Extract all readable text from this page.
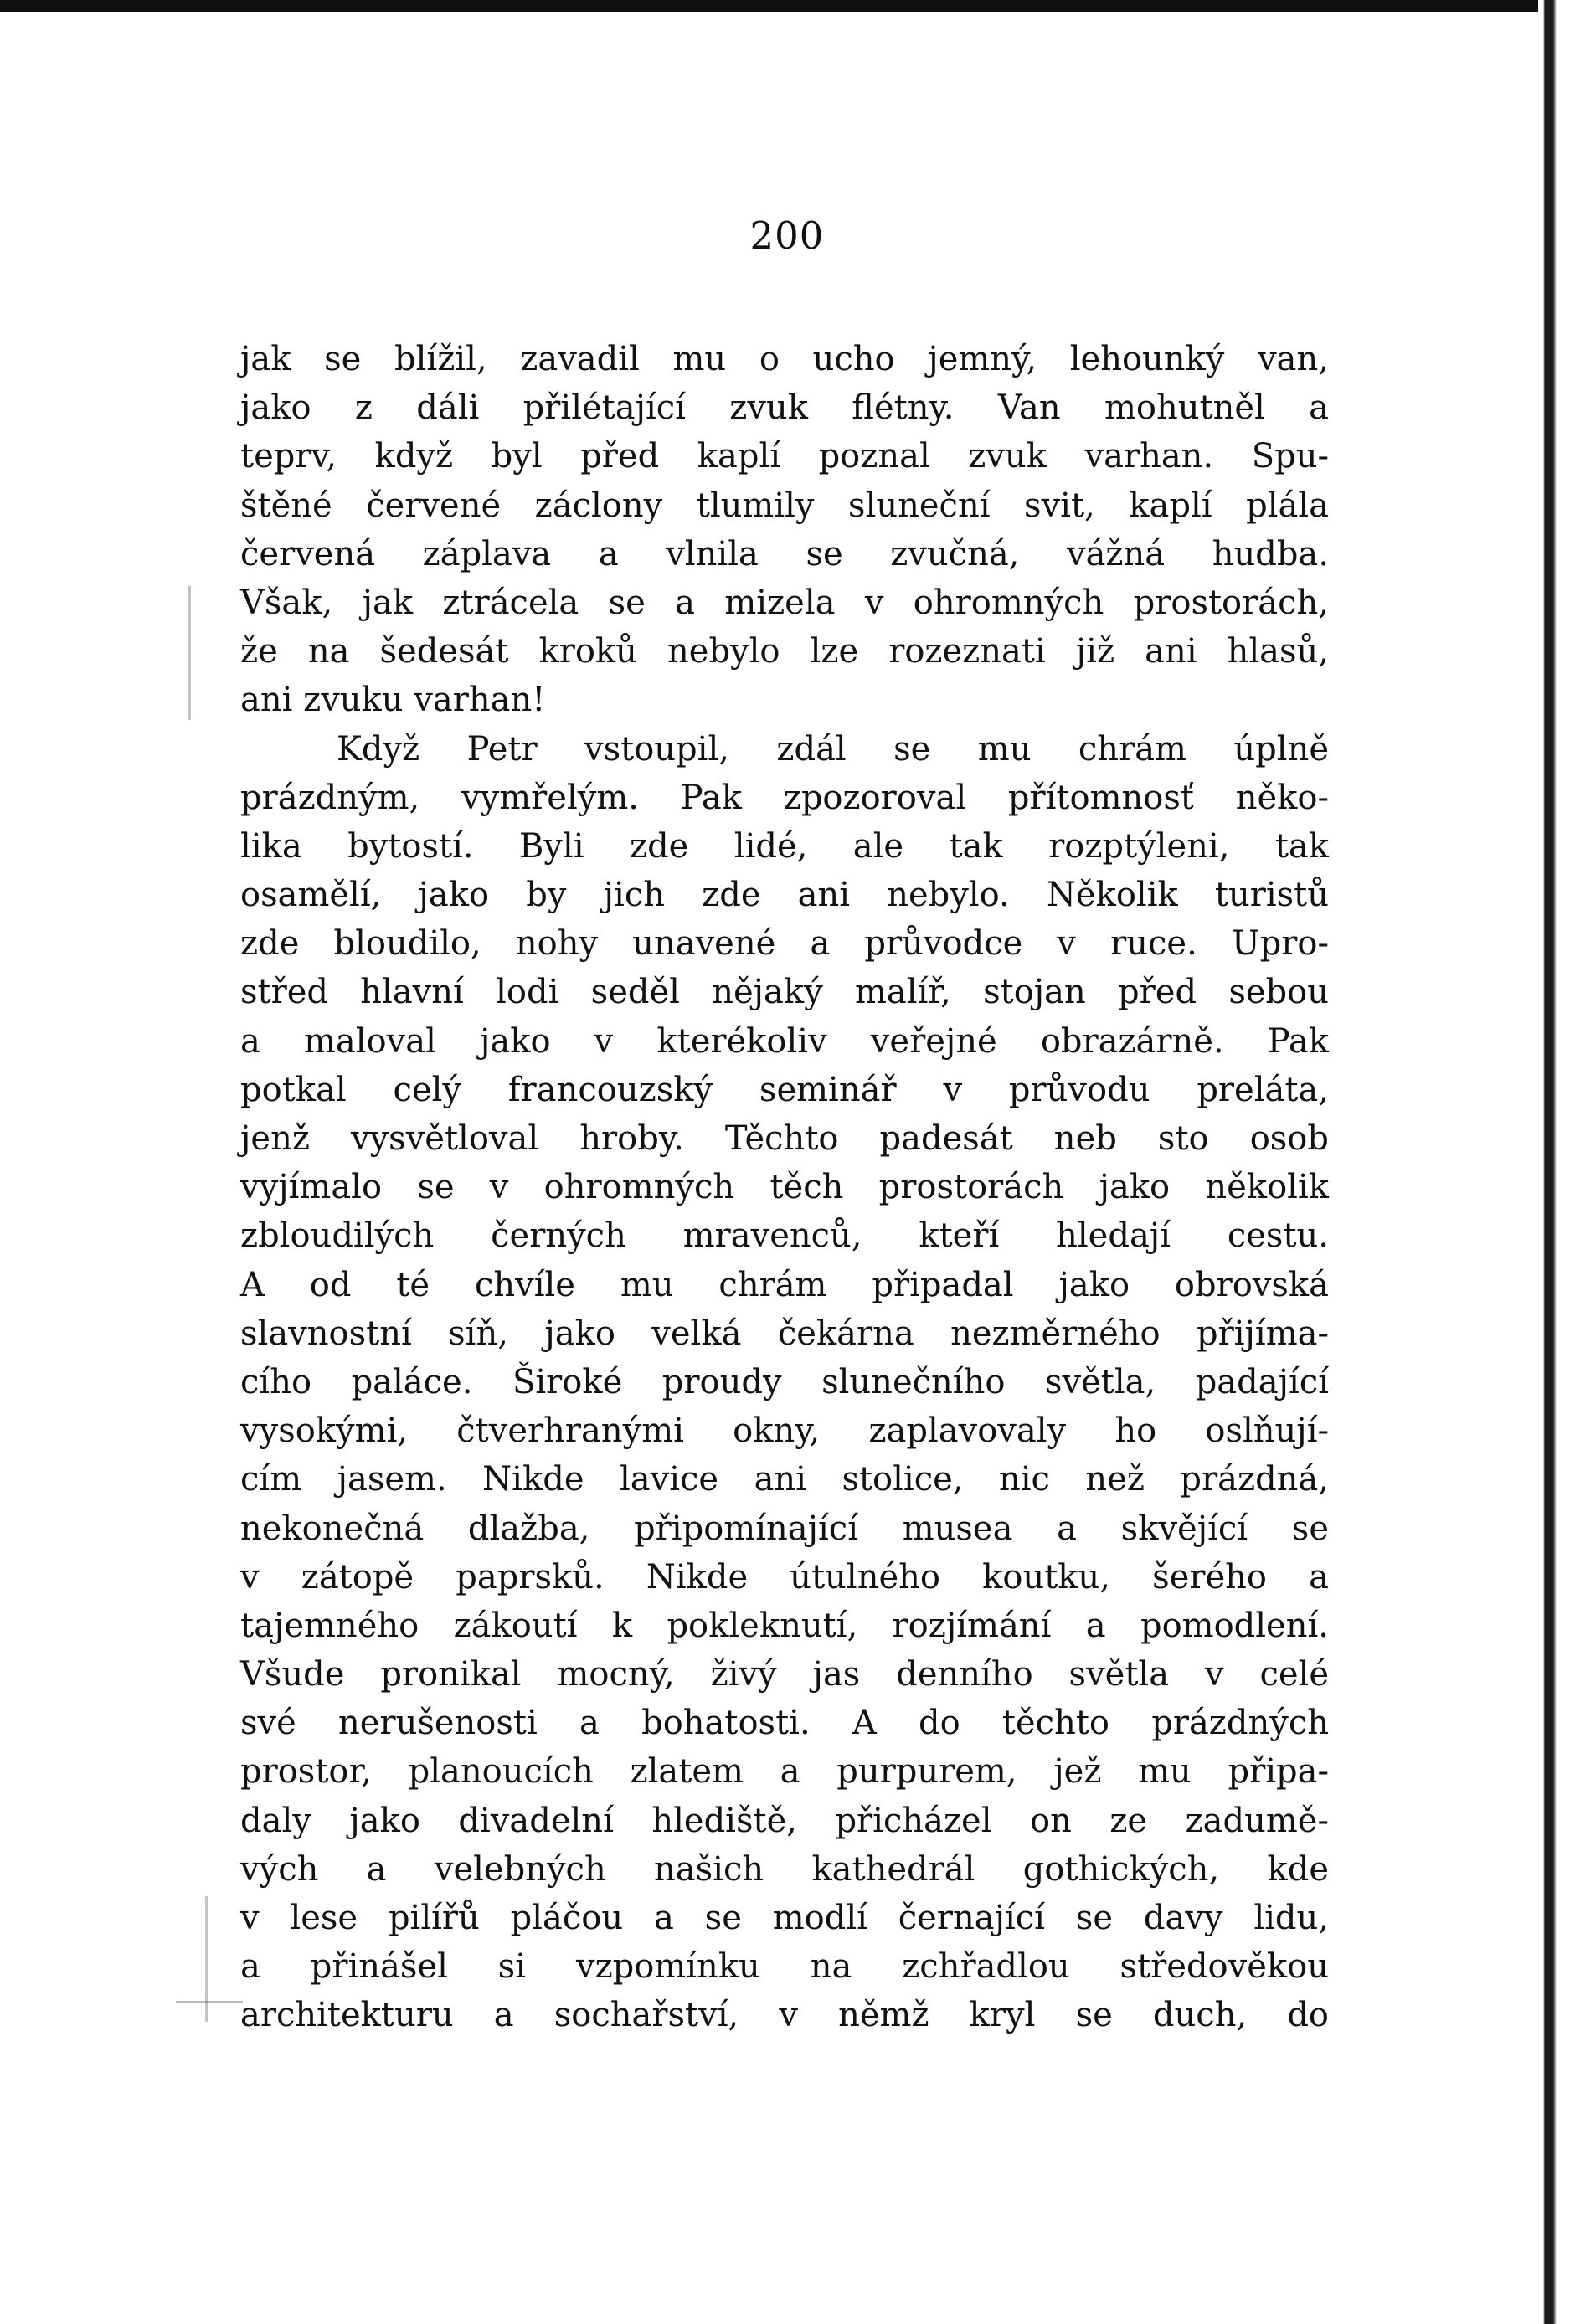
200
jak se blížil, zavadil mu o ucho jemný, lehounký van,
jako z dáli přilétající zvuk flétny. Van mohutněl a
teprv, když byl před kaplí poznal zvuk varhan. Spu-
štěné červené záclony tlumily sluneční svit, kaplí plála
červená záplava a vlnila se zvučná, vážná hudba.
Však, jak ztrácela se a mizela v ohromných prostorách,
že na šedesát kroků nebylo lze rozeznati již ani hlasů,
ani zvuku varhan!
Když Petr vstoupil, zdál se mu chrám úplně
prázdným, vymřelým. Pak zpozoroval přítomnosť něko-
lika bytostí. Byli zde lidé, ale tak rozptýleni, tak
osamělí, jako by jich zde ani nebylo. Několik turistů
zde bloudilo, nohy unavené a průvodce v ruce. Upro-
střed hlavní lodi seděl nějaký malíř, stojan před sebou
a maloval jako v kterékoliv veřejné obrazárně. Pak
potkal celý francouzský seminář v průvodu preláta,
jenž vysvětloval hroby. Těchto padesát neb sto osob
vyjímalo se v ohromných těch prostorách jako několik
zbloudilých černých mravenců, kteří hledají cestu.
A od té chvíle mu chrám připadal jako obrovská
slavnostní síň, jako velká čekárna nezměrného přijíma-
cího paláce. Široké proudy slunečního světla, padající
vysokými, čtverhranými okny, zaplavovaly ho oslňují-
cím jasem. Nikde lavice ani stolice, nic než prázdná,
nekonečná dlažba, připomínající musea a skvějící se
v zátopě paprsků. Nikde útulného koutku, šerého a
tajemného zákoutí k pokleknutí, rozjímání a pomodlení.
Všude pronikal mocný, živý jas denního světla v celé
své nerušenosti a bohatosti. A do těchto prázdných
prostor, planoucích zlatem a purpurem, jež mu připa-
daly jako divadelní hlediště, přicházel on ze zadumě-
vých a velebných našich kathedrál gothických, kde
v lese pilířů pláčou a se modlí černající se davy lidu,
a přinášel si vzpomínku na zchřadlou středověkou
architekturu a sochařství, v němž kryl se duch, do
